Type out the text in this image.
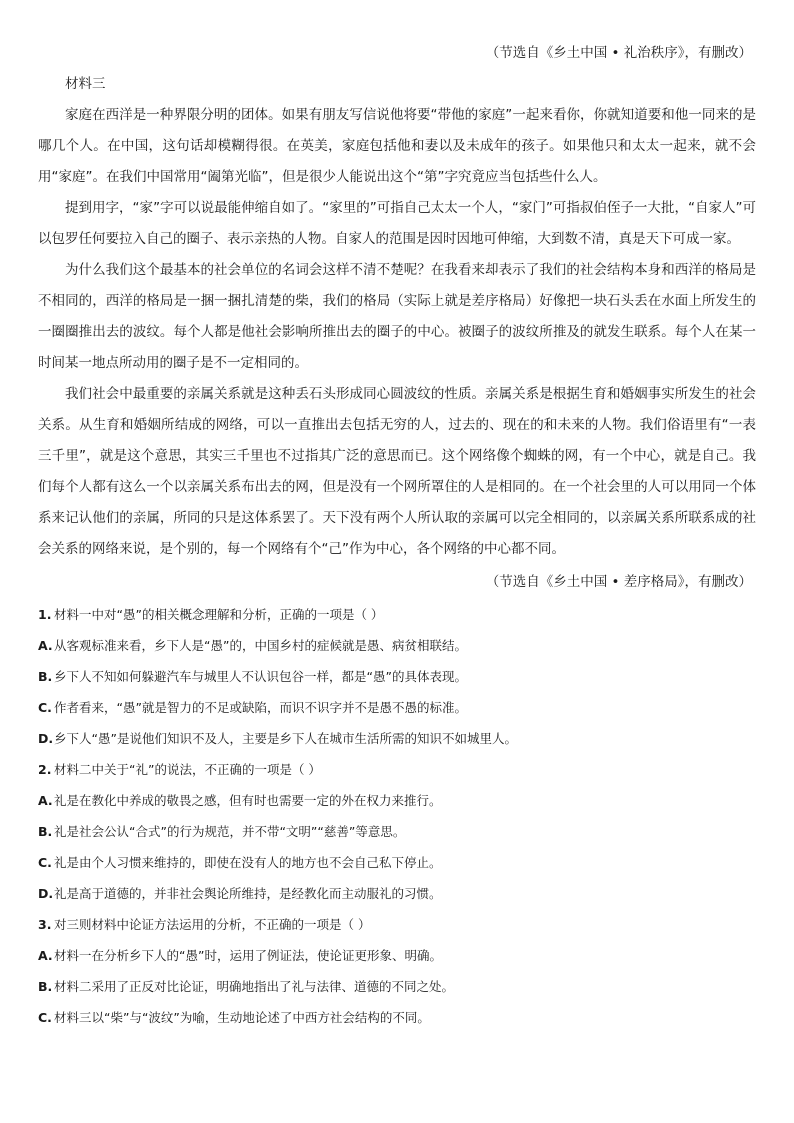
（节选自《乡土中国 • 礼治秩序》，有删改）
材料三

家庭在西洋是一种界限分明的团体。如果有朋友写信说他将要“带他的家庭”一起来看你，你就知道要和他一同来的是哪几个人。在中国，这句话却模糊得很。在英美，家庭包括他和妻以及未成年的孩子。如果他只和太太一起来，就不会用“家庭”。在我们中国常用“阖第光临”，但是很少人能说出这个“第”字究竟应当包括些什么人。

提到用字，“家”字可以说最能伸缩自如了。“家里的”可指自己太太一个人，“家门”可指叔伯侄子一大批，“自家人”可以包罗任何要拉入自己的圈子、表示亲热的人物。自家人的范围是因时因地可伸缩，大到数不清，真是天下可成一家。

为什么我们这个最基本的社会单位的名词会这样不清不楚呢？在我看来却表示了我们的社会结构本身和西洋的格局是不相同的，西洋的格局是一捆一捆扎清楚的柴，我们的格局（实际上就是差序格局）好像把一块石头丢在水面上所发生的一圈圈推出去的波纹。每个人都是他社会影响所推出去的圈子的中心。被圈子的波纹所推及的就发生联系。每个人在某一时间某一地点所动用的圈子是不一定相同的。

我们社会中最重要的亲属关系就是这种丢石头形成同心圆波纹的性质。亲属关系是根据生育和婚姻事实所发生的社会关系。从生育和婚姻所结成的网络，可以一直推出去包括无穷的人，过去的、现在的和未来的人物。我们俗语里有“一表三千里”，就是这个意思，其实三千里也不过指其广泛的意思而已。这个网络像个蜘蛛的网，有一个中心，就是自己。我们每个人都有这么一个以亲属关系布出去的网，但是没有一个网所罩住的人是相同的。在一个社会里的人可以用同一个体系来记认他们的亲属，所同的只是这体系罢了。天下没有两个人所认取的亲属可以完全相同的，以亲属关系所联系成的社会关系的网络来说，是个别的，每一个网络有个“己”作为中心，各个网络的中心都不同。

（节选自《乡土中国 • 差序格局》，有删改）
1. 材料一中对“愚”的相关概念理解和分析，正确的一项是（ ）
A.从客观标准来看，乡下人是“愚”的，中国乡村的症候就是愚、病贫相联结。
B. 乡下人不知如何躲避汽车与城里人不认识包谷一样，都是“愚”的具体表现。
C. 作者看来，“愚”就是智力的不足或缺陷，而识不识字并不是愚不愚的标准。
D.乡下人“愚”是说他们知识不及人，主要是乡下人在城市生活所需的知识不如城里人。
2. 材料二中关于“礼”的说法，不正确的一项是（ ）
A.礼是在教化中养成的敬畏之感，但有时也需要一定的外在权力来推行。
B. 礼是社会公认“合式”的行为规范，并不带“文明”“慈善”等意思。
C. 礼是由个人习惯来维持的，即使在没有人的地方也不会自己私下停止。
D.礼是高于道德的，并非社会舆论所维持，是经教化而主动服礼的习惯。
3. 对三则材料中论证方法运用的分析，不正确的一项是（ ）
A.材料一在分析乡下人的“愚”时，运用了例证法，使论证更形象、明确。
B. 材料二采用了正反对比论证，明确地指出了礼与法律、道德的不同之处。
C. 材料三以“柴”与“波纹”为喻，生动地论述了中西方社会结构的不同。
